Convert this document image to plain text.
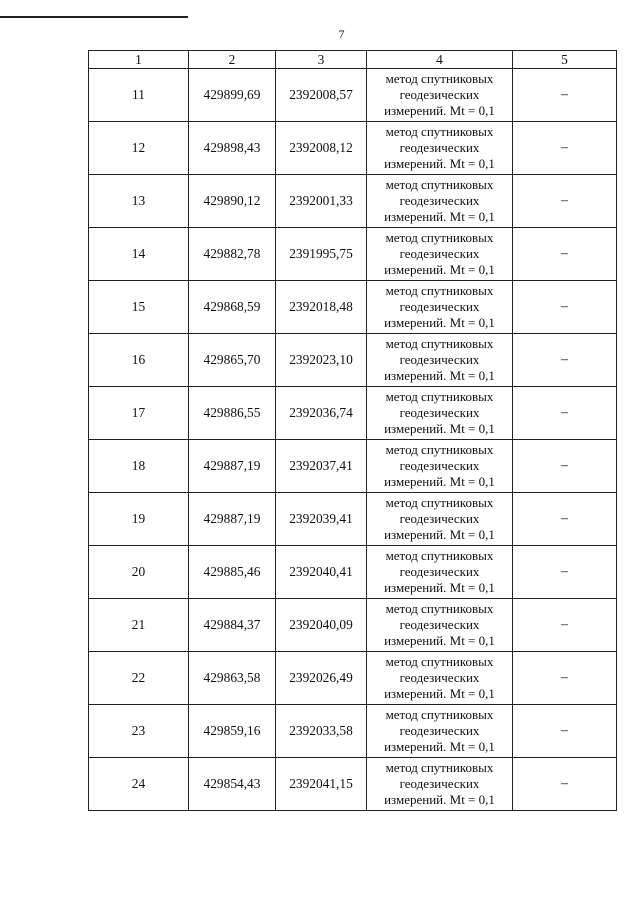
7
1	2	3	4	5
11	429899,69	2392008,57	метод спутниковых геодезических измерений. Mt = 0,1	–
12	429898,43	2392008,12	метод спутниковых геодезических измерений. Mt = 0,1	–
13	429890,12	2392001,33	метод спутниковых геодезических измерений. Mt = 0,1	–
14	429882,78	2391995,75	метод спутниковых геодезических измерений. Mt = 0,1	–
15	429868,59	2392018,48	метод спутниковых геодезических измерений. Mt = 0,1	–
16	429865,70	2392023,10	метод спутниковых геодезических измерений. Mt = 0,1	–
17	429886,55	2392036,74	метод спутниковых геодезических измерений. Mt = 0,1	–
18	429887,19	2392037,41	метод спутниковых геодезических измерений. Mt = 0,1	–
19	429887,19	2392039,41	метод спутниковых геодезических измерений. Mt = 0,1	–
20	429885,46	2392040,41	метод спутниковых геодезических измерений. Mt = 0,1	–
21	429884,37	2392040,09	метод спутниковых геодезических измерений. Mt = 0,1	–
22	429863,58	2392026,49	метод спутниковых геодезических измерений. Mt = 0,1	–
23	429859,16	2392033,58	метод спутниковых геодезических измерений. Mt = 0,1	–
24	429854,43	2392041,15	метод спутниковых геодезических измерений. Mt = 0,1	–
